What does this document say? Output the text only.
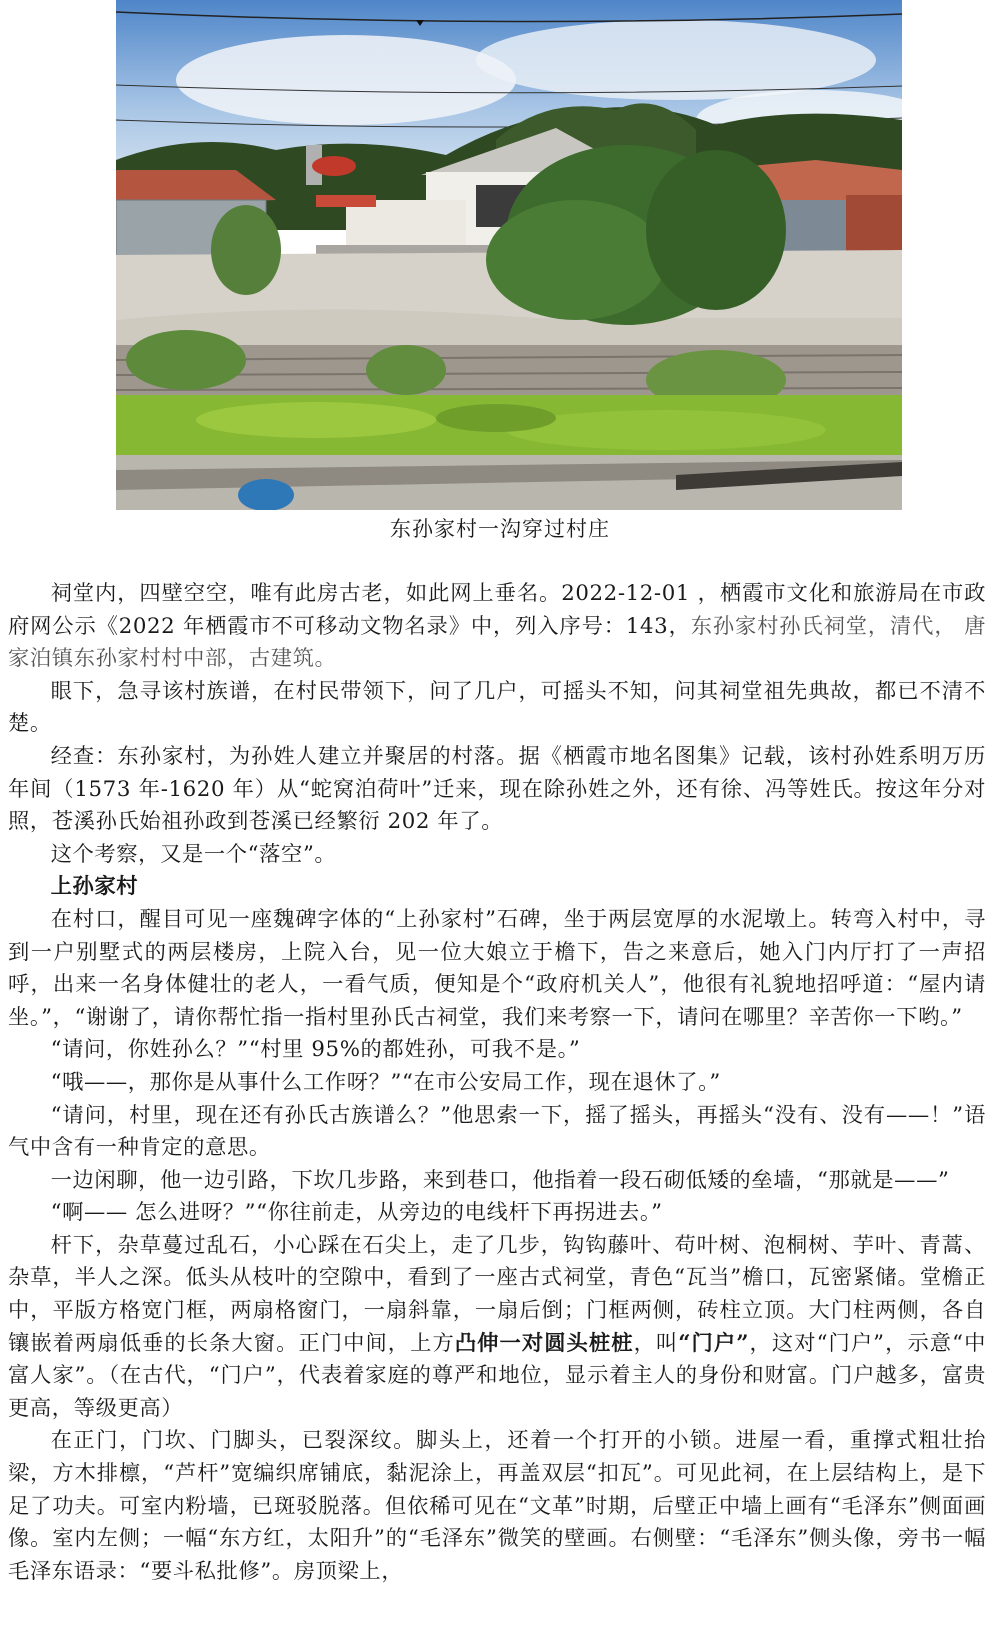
东孙家村一沟穿过村庄

祠堂内，四壁空空，唯有此房古老，如此网上垂名。2022-12-01 ，栖霞市文化和旅游局在市政府网公示《2022 年栖霞市不可移动文物名录》中，列入序号：143，东孙家村孙氏祠堂，清代， 唐家泊镇东孙家村村中部，古建筑。

眼下，急寻该村族谱，在村民带领下，问了几户，可摇头不知，问其祠堂祖先典故，都已不清不楚。

经查：东孙家村，为孙姓人建立并聚居的村落。据《栖霞市地名图集》记载，该村孙姓系明万历年间（1573 年-1620 年）从“蛇窝泊荷叶”迁来，现在除孙姓之外，还有徐、冯等姓氏。按这年分对照，苍溪孙氏始祖孙政到苍溪已经繁衍 202 年了。

这个考察，又是一个“落空”。

上孙家村

在村口，醒目可见一座魏碑字体的“上孙家村”石碑，坐于两层宽厚的水泥墩上。转弯入村中，寻到一户别墅式的两层楼房，上院入台，见一位大娘立于檐下，告之来意后，她入门内厅打了一声招呼，出来一名身体健壮的老人，一看气质，便知是个“政府机关人”，他很有礼貌地招呼道：“屋内请坐。”，“谢谢了，请你帮忙指一指村里孙氏古祠堂，我们来考察一下，请问在哪里？辛苦你一下哟。”

“请问，你姓孙么？”“村里 95%的都姓孙，可我不是。”

“哦——，那你是从事什么工作呀？”“在市公安局工作，现在退休了。”

“请问，村里，现在还有孙氏古族谱么？”他思索一下，摇了摇头，再摇头“没有、没有——！”语气中含有一种肯定的意思。

一边闲聊，他一边引路，下坎几步路，来到巷口，他指着一段石砌低矮的垒墙，“那就是——”

“啊—— 怎么进呀？”“你往前走，从旁边的电线杆下再拐进去。”

杆下，杂草蔓过乱石，小心踩在石尖上，走了几步，钩钩藤叶、苟叶树、泡桐树、芋叶、青蒿、杂草，半人之深。低头从枝叶的空隙中，看到了一座古式祠堂，青色“瓦当”檐口，瓦密紧储。堂檐正中，平版方格宽门框，两扇格窗门，一扇斜靠，一扇后倒；门框两侧，砖柱立顶。大门柱两侧，各自镶嵌着两扇低垂的长条大窗。正门中间，上方凸伸一对圆头桩桩，叫“门户”，这对“门户”，示意“中富人家”。（在古代，“门户”，代表着家庭的尊严和地位，显示着主人的身份和财富。门户越多，富贵更高，等级更高）

在正门，门坎、门脚头，已裂深纹。脚头上，还着一个打开的小锁。进屋一看，重撑式粗壮抬梁，方木排檩，“芦杆”宽编织席铺底，黏泥涂上，再盖双层“扣瓦”。可见此祠，在上层结构上，是下足了功夫。可室内粉墙，已斑驳脱落。但依稀可见在“文革”时期，后壁正中墙上画有“毛泽东”侧面画像。室内左侧；一幅“东方红，太阳升”的“毛泽东”微笑的壁画。右侧壁：“毛泽东”侧头像，旁书一幅毛泽东语录：“要斗私批修”。房顶梁上，
